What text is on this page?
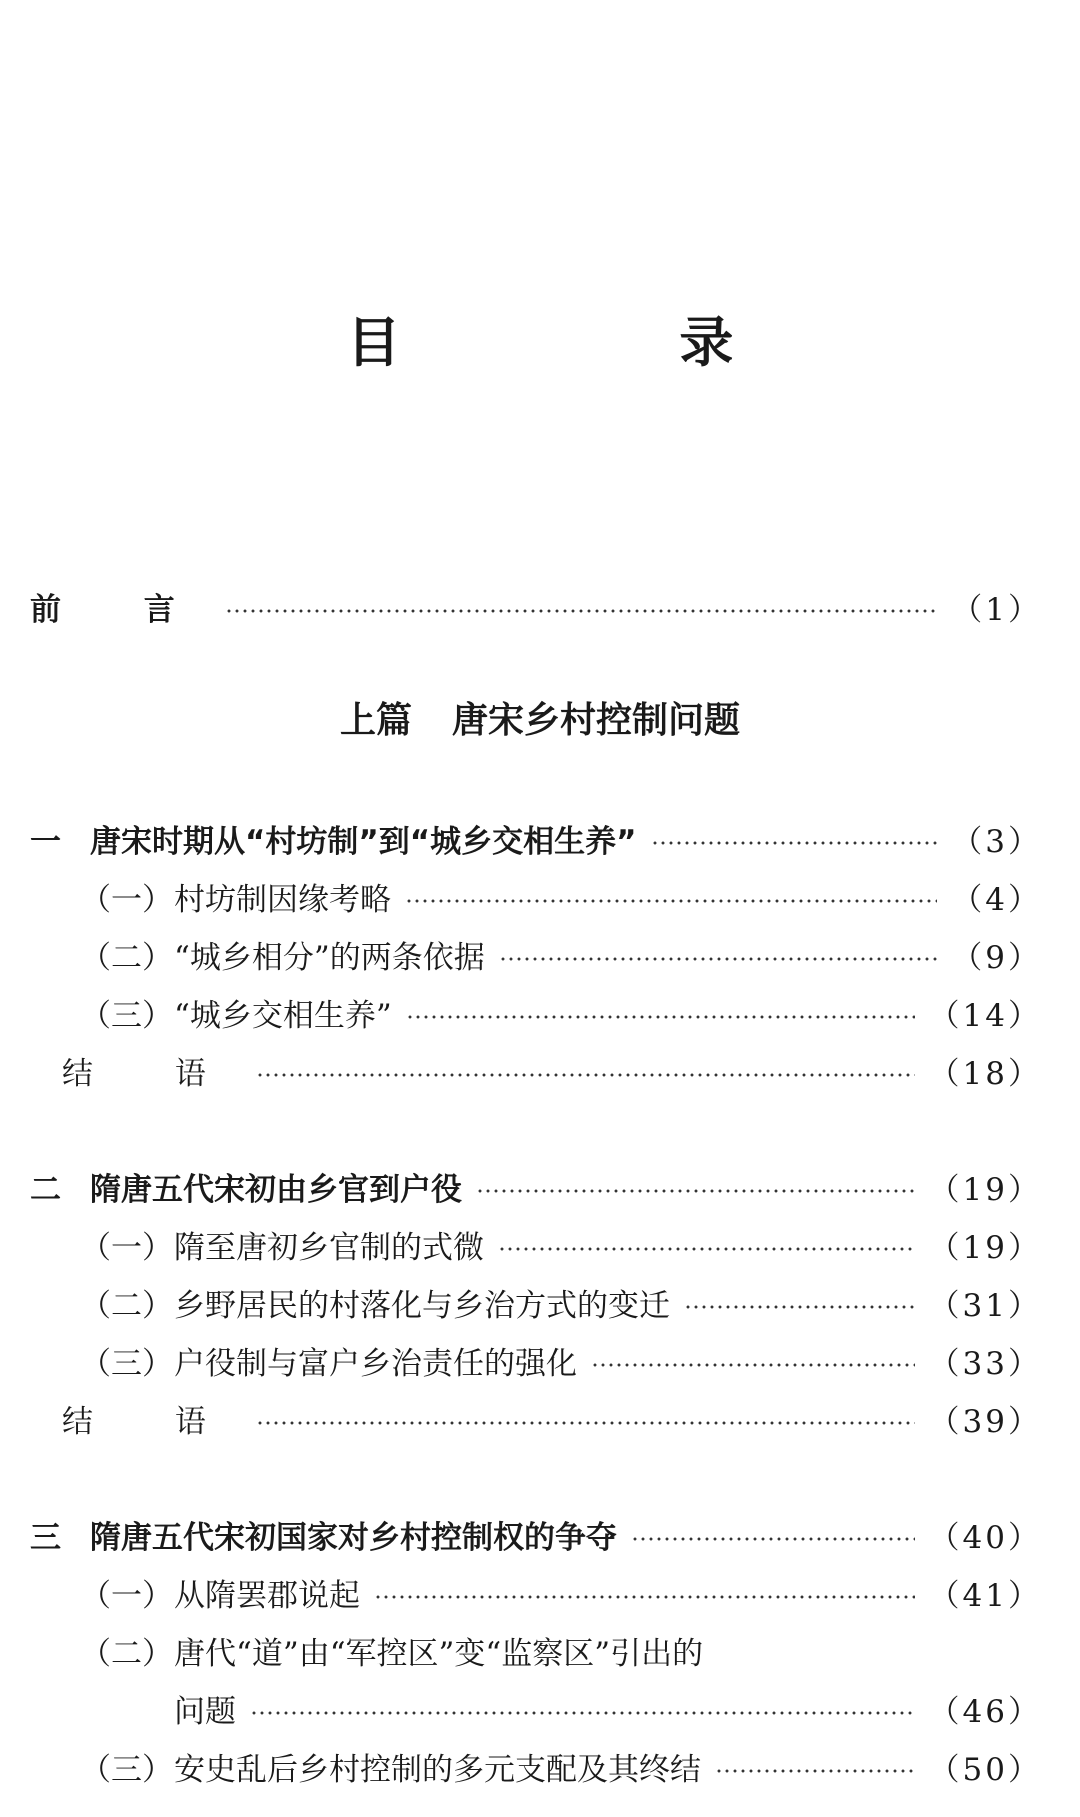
目 录
前 言	（1）
上篇 唐宋乡村控制问题
一 唐宋时期从“村坊制”到“城乡交相生养”	（3）
（一） 村坊制因缘考略	（4）
（二） “城乡相分”的两条依据	（9）
（三） “城乡交相生养”	（14）
结 语	（18）
二 隋唐五代宋初由乡官到户役	（19）
（一） 隋至唐初乡官制的式微	（19）
（二） 乡野居民的村落化与乡治方式的变迁	（31）
（三） 户役制与富户乡治责任的强化	（33）
结 语	（39）
三 隋唐五代宋初国家对乡村控制权的争夺	（40）
（一） 从隋罢郡说起	（41）
（二） 唐代“道”由“军控区”变“监察区”引出的
问题	（46）
（三） 安史乱后乡村控制的多元支配及其终结	（50）
